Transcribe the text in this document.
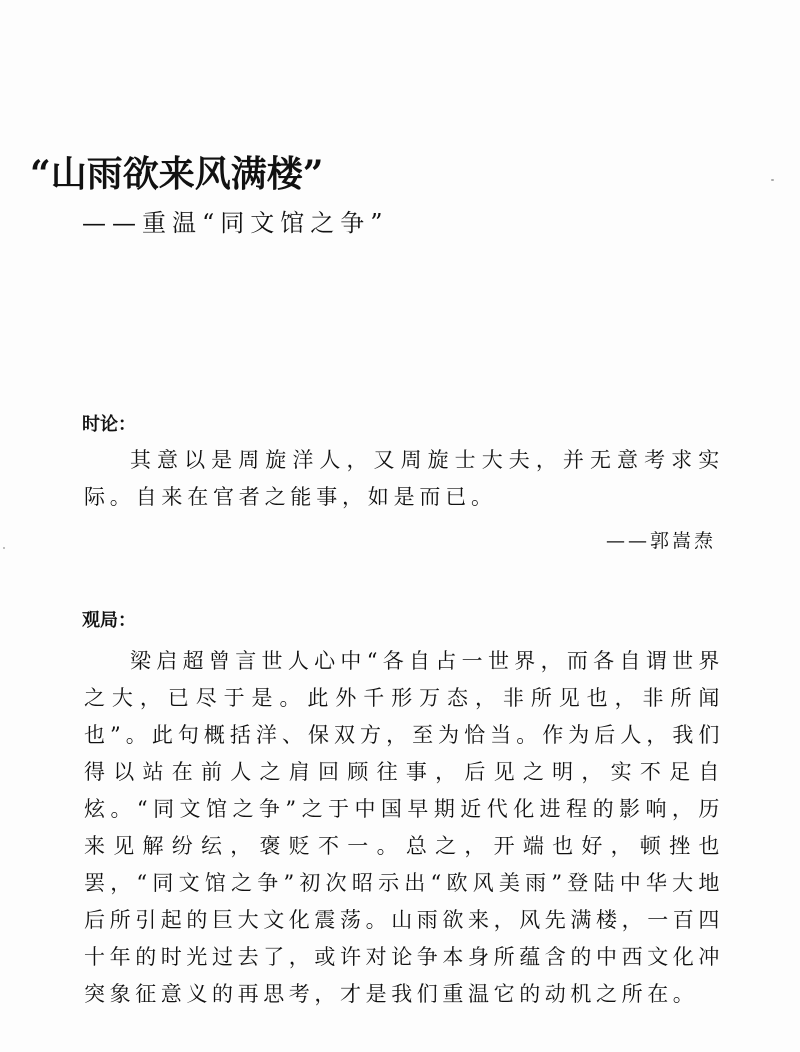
“山雨欲来风满楼”
——重温“同文馆之争”
时论：

其意以是周旋洋人，又周旋士大夫，并无意考求实际。自来在官者之能事，如是而已。

——郭嵩焘
观局：

梁启超曾言世人心中“各自占一世界，而各自谓世界之大，已尽于是。此外千形万态，非所见也，非所闻也”。此句概括洋、保双方，至为恰当。作为后人，我们得以站在前人之肩回顾往事，后见之明，实不足自炫。“同文馆之争”之于中国早期近代化进程的影响，历来见解纷纭，褒贬不一。总之，开端也好，顿挫也罢，“同文馆之争”初次昭示出“欧风美雨”登陆中华大地后所引起的巨大文化震荡。山雨欲来，风先满楼，一百四十年的时光过去了，或许对论争本身所蕴含的中西文化冲突象征意义的再思考，才是我们重温它的动机之所在。
